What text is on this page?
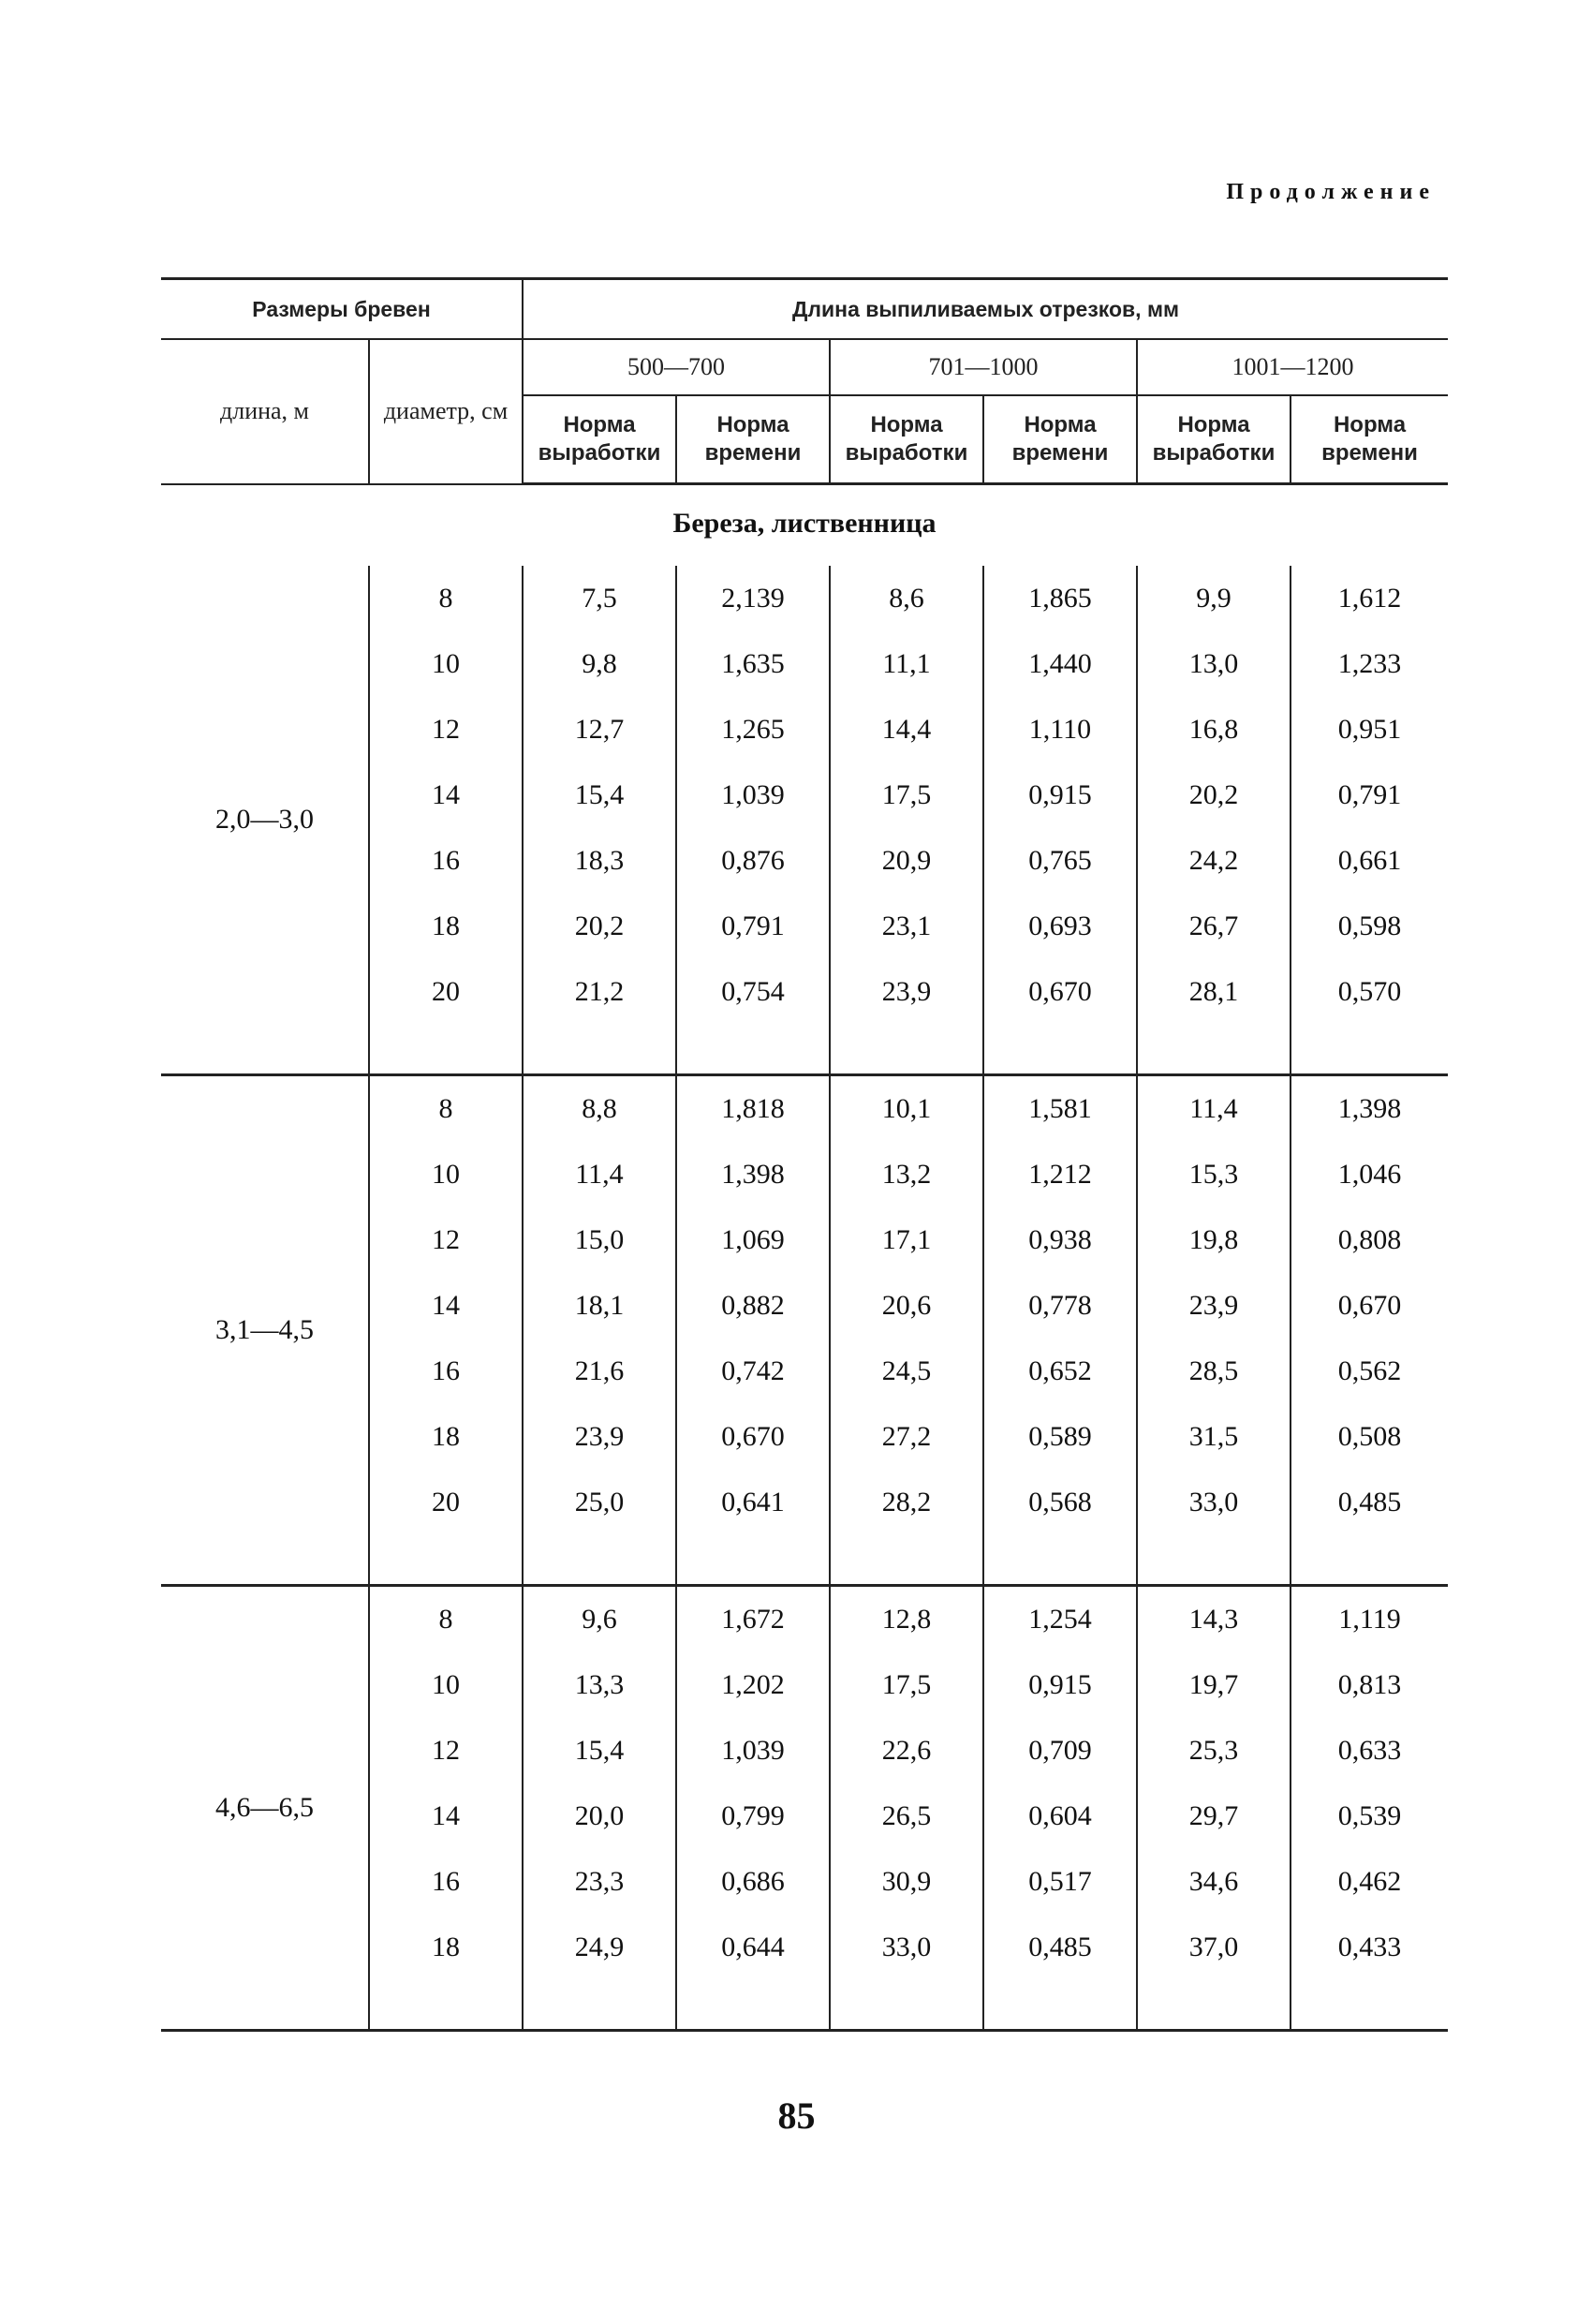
Продолжение
Размеры бревен		Длина выпиливаемых отрезков, мм					
длина, м	диаметр, см	500—700		701—1000		1001—1200	
		Норма выработки	Норма времени	Норма выработки	Норма времени	Норма выработки	Норма времени
Береза, лиственница							
2,0—3,0	8	7,5	2,139	8,6	1,865	9,9	1,612
	10	9,8	1,635	11,1	1,440	13,0	1,233
	12	12,7	1,265	14,4	1,110	16,8	0,951
	14	15,4	1,039	17,5	0,915	20,2	0,791
	16	18,3	0,876	20,9	0,765	24,2	0,661
	18	20,2	0,791	23,1	0,693	26,7	0,598
	20	21,2	0,754	23,9	0,670	28,1	0,570

3,1—4,5	8	8,8	1,818	10,1	1,581	11,4	1,398
	10	11,4	1,398	13,2	1,212	15,3	1,046
	12	15,0	1,069	17,1	0,938	19,8	0,808
	14	18,1	0,882	20,6	0,778	23,9	0,670
	16	21,6	0,742	24,5	0,652	28,5	0,562
	18	23,9	0,670	27,2	0,589	31,5	0,508
	20	25,0	0,641	28,2	0,568	33,0	0,485

4,6—6,5	8	9,6	1,672	12,8	1,254	14,3	1,119
	10	13,3	1,202	17,5	0,915	19,7	0,813
	12	15,4	1,039	22,6	0,709	25,3	0,633
	14	20,0	0,799	26,5	0,604	29,7	0,539
	16	23,3	0,686	30,9	0,517	34,6	0,462
	18	24,9	0,644	33,0	0,485	37,0	0,433

85
